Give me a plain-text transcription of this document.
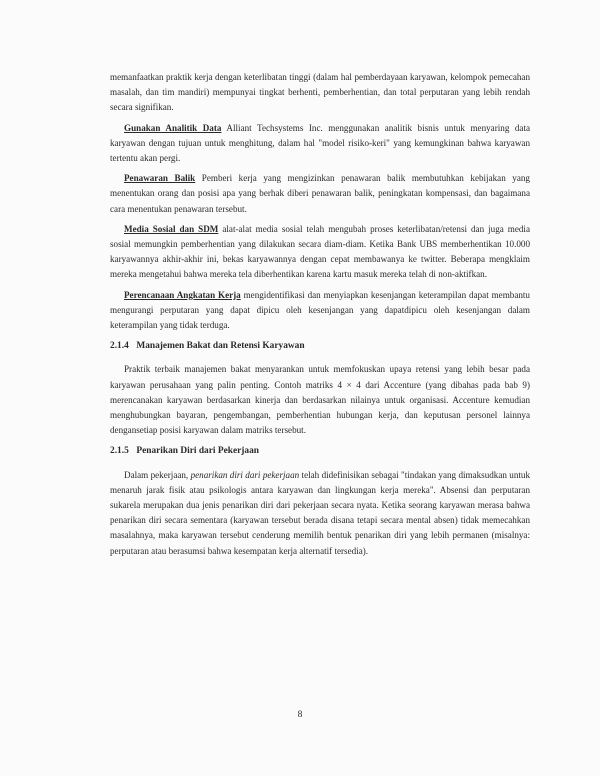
memanfaatkan praktik kerja dengan keterlibatan tinggi (dalam hal pemberdayaan karyawan, kelompok pemecahan masalah, dan tim mandiri) mempunyai tingkat berhenti, pemberhentian, dan total perputaran yang lebih rendah secara signifikan.

Gunakan Analitik Data Alliant Techsystems Inc. menggunakan analitik bisnis untuk menyaring data karyawan dengan tujuan untuk menghitung, dalam hal "model risiko-keri" yang kemungkinan bahwa karyawan tertentu akan pergi.

Penawaran Balik Pemberi kerja yang mengizinkan penawaran balik membutuhkan kebijakan yang menentukan orang dan posisi apa yang berhak diberi penawaran balik, peningkatan kompensasi, dan bagaimana cara menentukan penawaran tersebut.

Media Sosial dan SDM alat-alat media sosial telah mengubah proses keterlibatan/retensi dan juga media sosial memungkin pemberhentian yang dilakukan secara diam-diam. Ketika Bank UBS memberhentikan 10.000 karyawannya akhir-akhir ini, bekas karyawannya dengan cepat membawanya ke twitter. Beberapa mengklaim mereka mengetahui bahwa mereka tela diberhentikan karena kartu masuk mereka telah di non-aktifkan.

Perencanaan Angkatan Kerja mengidentifikasi dan menyiapkan kesenjangan keterampilan dapat membantu mengurangi perputaran yang dapat dipicu oleh kesenjangan yang dapatdipicu oleh kesenjangan dalam keterampilan yang tidak terduga.

2.1.4 Manajemen Bakat dan Retensi Karyawan

Praktik terbaik manajemen bakat menyarankan untuk memfokuskan upaya retensi yang lebih besar pada karyawan perusahaan yang palin penting. Contoh matriks 4 × 4 dari Accenture (yang dibahas pada bab 9) merencanakan karyawan berdasarkan kinerja dan berdasarkan nilainya untuk organisasi. Accenture kemudian menghubungkan bayaran, pengembangan, pemberhentian hubungan kerja, dan keputusan personel lainnya dengansetiap posisi karyawan dalam matriks tersebut.

2.1.5 Penarikan Diri dari Pekerjaan

Dalam pekerjaan, penarikan diri dari pekerjaan telah didefinisikan sebagai "tindakan yang dimaksudkan untuk menaruh jarak fisik atau psikologis antara karyawan dan lingkungan kerja mereka". Absensi dan perputaran sukarela merupakan dua jenis penarikan diri dari pekerjaan secara nyata. Ketika seorang karyawan merasa bahwa penarikan diri secara sementara (karyawan tersebut berada disana tetapi secara mental absen) tidak memecahkan masalahnya, maka karyawan tersebut cenderung memilih bentuk penarikan diri yang lebih permanen (misalnya: perputaran atau berasumsi bahwa kesempatan kerja alternatif tersedia).

8
